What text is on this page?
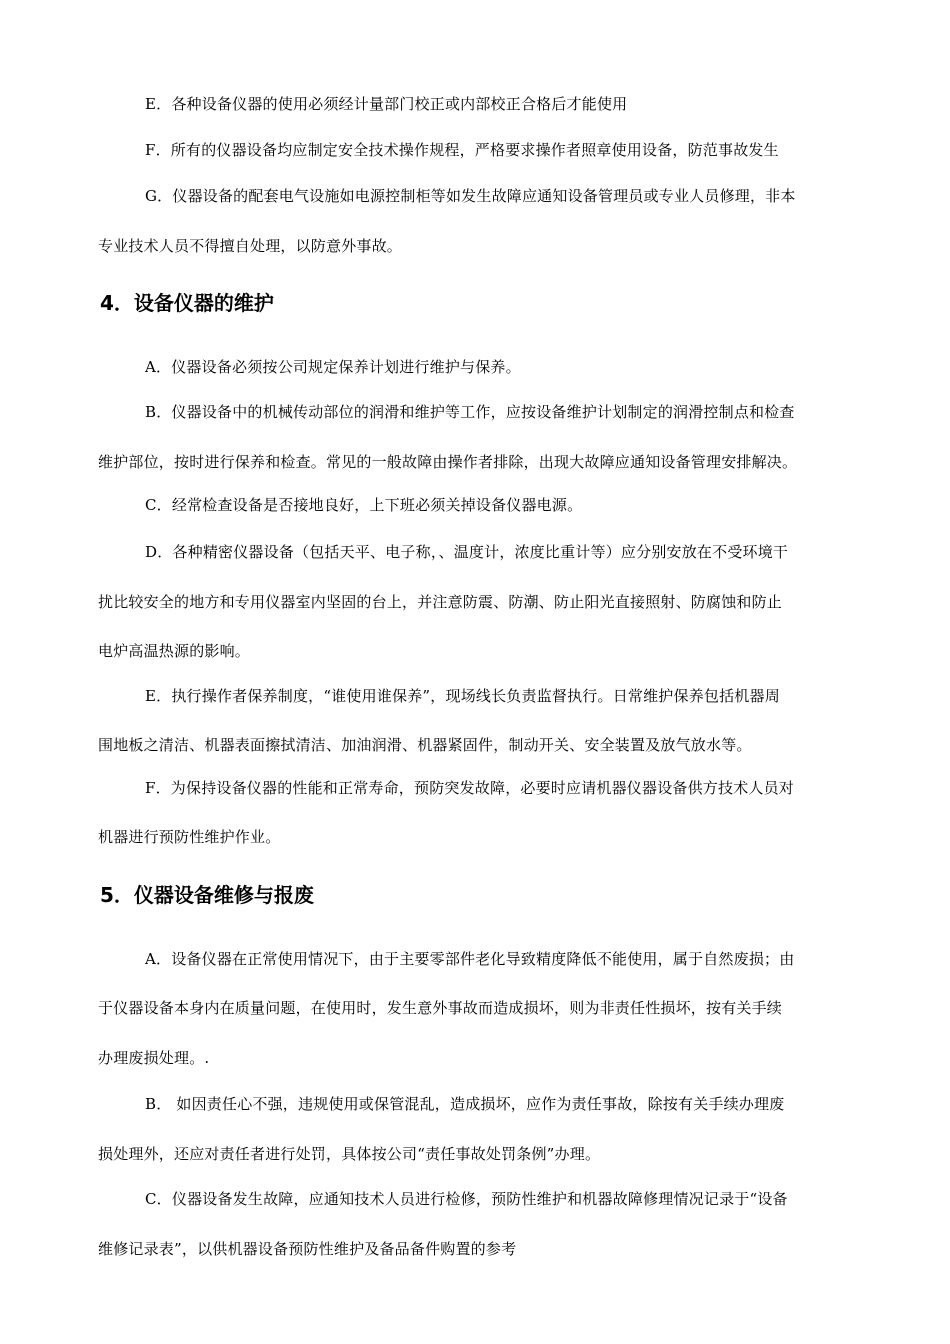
E．各种设备仪器的使用必须经计量部门校正或内部校正合格后才能使用
F．所有的仪器设备均应制定安全技术操作规程，严格要求操作者照章使用设备，防范事故发生
G．仪器设备的配套电气设施如电源控制柜等如发生故障应通知设备管理员或专业人员修理，非本
专业技术人员不得擅自处理，以防意外事故。
4．设备仪器的维护
A．仪器设备必须按公司规定保养计划进行维护与保养。
B．仪器设备中的机械传动部位的润滑和维护等工作，应按设备维护计划制定的润滑控制点和检查
维护部位，按时进行保养和检查。常见的一般故障由操作者排除，出现大故障应通知设备管理安排解决。
C．经常检查设备是否接地良好，上下班必须关掉设备仪器电源。
D．各种精密仪器设备（包括天平、电子称，、温度计，浓度比重计等）应分别安放在不受环境干
扰比较安全的地方和专用仪器室内坚固的台上，并注意防震、防潮、防止阳光直接照射、防腐蚀和防止
电炉高温热源的影响。
E．执行操作者保养制度，“谁使用谁保养”，现场线长负责监督执行。日常维护保养包括机器周
围地板之清洁、机器表面擦拭清洁、加油润滑、机器紧固件，制动开关、安全装置及放气放水等。
F．为保持设备仪器的性能和正常寿命，预防突发故障，必要时应请机器仪器设备供方技术人员对
机器进行预防性维护作业。
5．仪器设备维修与报废
A．设备仪器在正常使用情况下，由于主要零部件老化导致精度降低不能使用，属于自然废损；由
于仪器设备本身内在质量问题，在使用时，发生意外事故而造成损坏，则为非责任性损坏，按有关手续
办理废损处理。.
B． 如因责任心不强，违规使用或保管混乱，造成损坏，应作为责任事故，除按有关手续办理废
损处理外，还应对责任者进行处罚，具体按公司“责任事故处罚条例”办理。
C．仪器设备发生故障，应通知技术人员进行检修，预防性维护和机器故障修理情况记录于“设备
维修记录表”，以供机器设备预防性维护及备品备件购置的参考
